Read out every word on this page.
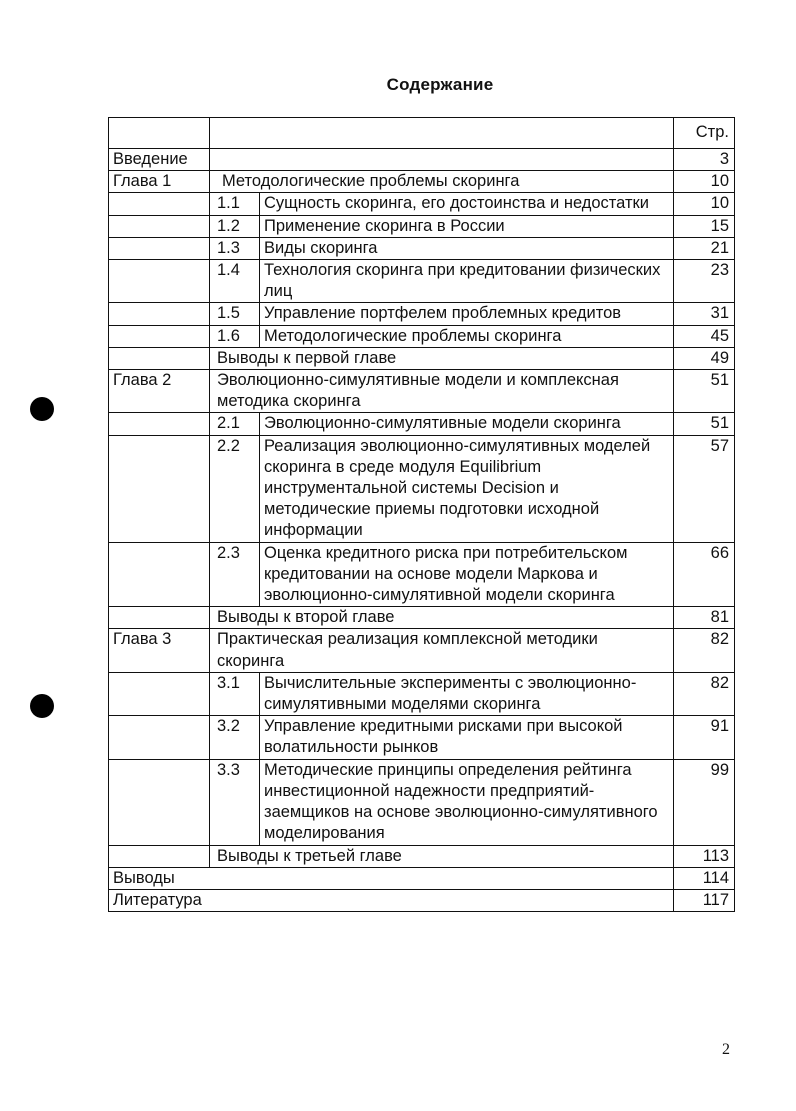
Содержание
			Стр.
Введение			3
Глава 1	Методологические проблемы скоринга		10
	1.1	Сущность скоринга, его достоинства и недостатки	10
	1.2	Применение скоринга в России	15
	1.3	Виды скоринга	21
	1.4	Технология скоринга при кредитовании физических лиц	23
	1.5	Управление портфелем проблемных кредитов	31
	1.6	Методологические проблемы скоринга	45
	Выводы к первой главе		49
Глава 2	Эволюционно-симулятивные модели и комплексная методика скоринга		51
	2.1	Эволюционно-симулятивные модели скоринга	51
	2.2	Реализация эволюционно-симулятивных моделей скоринга в среде модуля Equilibrium инструментальной системы Decision и методические приемы подготовки исходной информации	57
	2.3	Оценка кредитного риска при потребительском кредитовании на основе модели Маркова и эволюционно-симулятивной модели скоринга	66
	Выводы к второй главе		81
Глава 3	Практическая реализация комплексной методики скоринга		82
	3.1	Вычислительные эксперименты с эволюционно-симулятивными моделями скоринга	82
	3.2	Управление кредитными рисками при высокой волатильности рынков	91
	3.3	Методические принципы определения рейтинга инвестиционной надежности предприятий-заемщиков на основе эволюционно-симулятивного моделирования	99
	Выводы к третьей главе		113
Выводы			114
Литература			117
2
